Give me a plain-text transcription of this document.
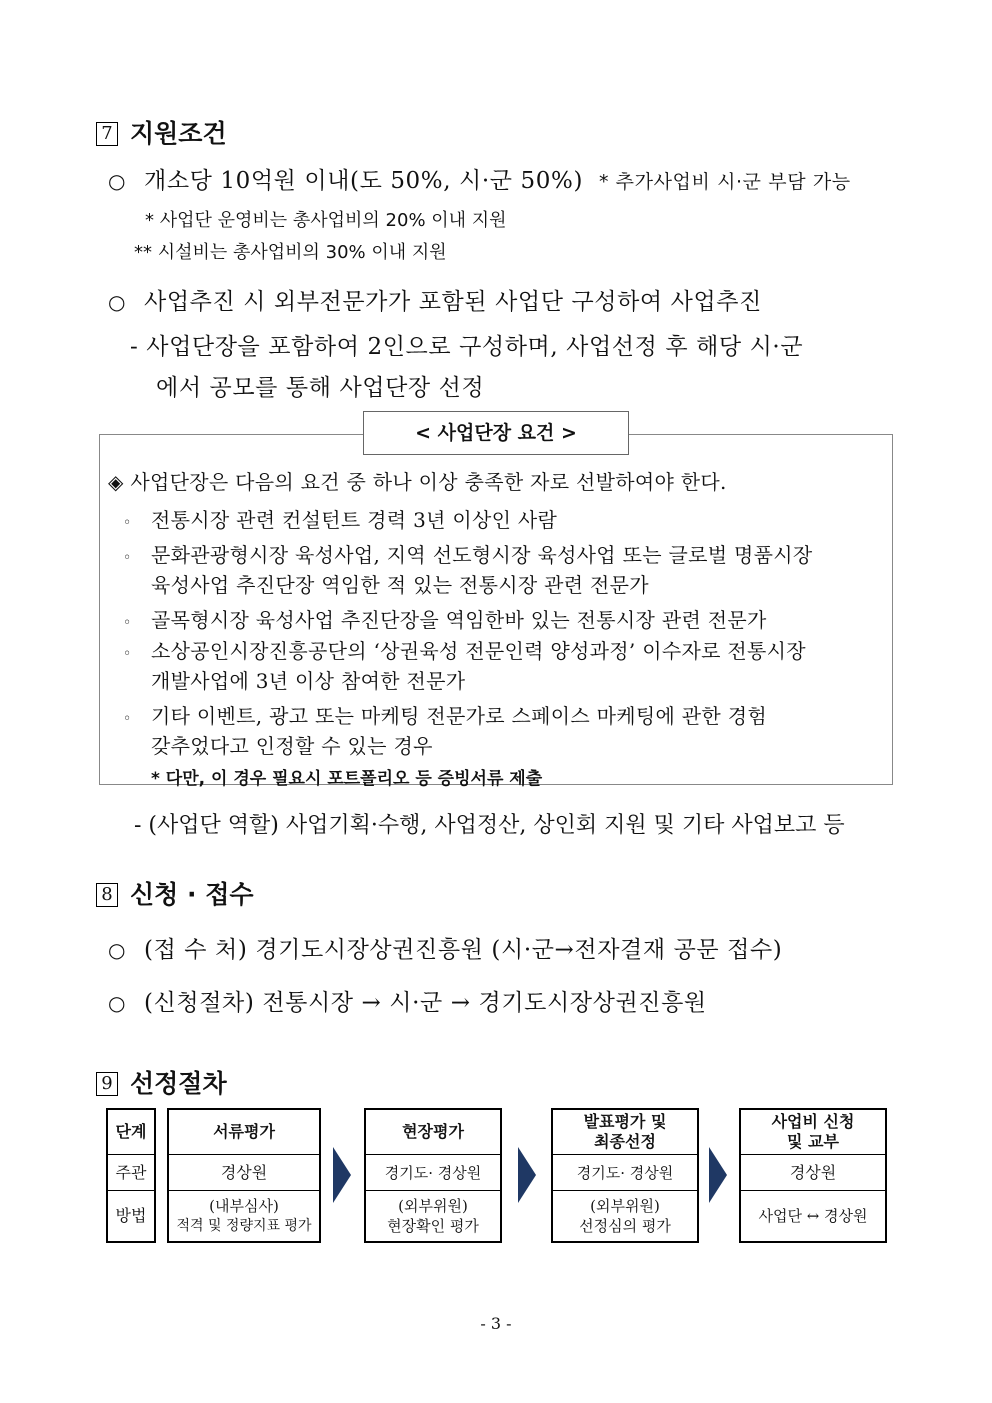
7 지원조건
○ 개소당 10억원 이내(도 50%, 시·군 50%) * 추가사업비 시·군 부담 가능
* 사업단 운영비는 총사업비의 20% 이내 지원
** 시설비는 총사업비의 30% 이내 지원
○ 사업추진 시 외부전문가가 포함된 사업단 구성하여 사업추진
- 사업단장을 포함하여 2인으로 구성하며, 사업선정 후 해당 시·군
에서 공모를 통해 사업단장 선정
< 사업단장 요건 >
◈ 사업단장은 다음의 요건 중 하나 이상 충족한 자로 선발하여야 한다.
◦ 전통시장 관련 컨설턴트 경력 3년 이상인 사람
◦ 문화관광형시장 육성사업, 지역 선도형시장 육성사업 또는 글로벌 명품시장
육성사업 추진단장 역임한 적 있는 전통시장 관련 전문가
◦ 골목형시장 육성사업 추진단장을 역임한바 있는 전통시장 관련 전문가
◦ 소상공인시장진흥공단의 ‘상권육성 전문인력 양성과정’ 이수자로 전통시장
개발사업에 3년 이상 참여한 전문가
◦ 기타 이벤트, 광고 또는 마케팅 전문가로 스페이스 마케팅에 관한 경험
갖추었다고 인정할 수 있는 경우
* 다만, 이 경우 필요시 포트폴리오 등 증빙서류 제출
- (사업단 역할) 사업기획·수행, 사업정산, 상인회 지원 및 기타 사업보고 등
8 신청 · 접수
○ (접 수 처) 경기도시장상권진흥원 (시·군→전자결재 공문 접수)
○ (신청절차) 전통시장 → 시·군 → 경기도시장상권진흥원
9 선정절차
단계
주관
방법
서류평가
경상원
(내부심사)
적격 및 정량지표 평가
현장평가
경기도· 경상원
(외부위원)
현장확인 평가
발표평가 및
최종선정
경기도· 경상원
(외부위원)
선정심의 평가
사업비 신청
및 교부
경상원
사업단 ↔ 경상원
- 3 -
